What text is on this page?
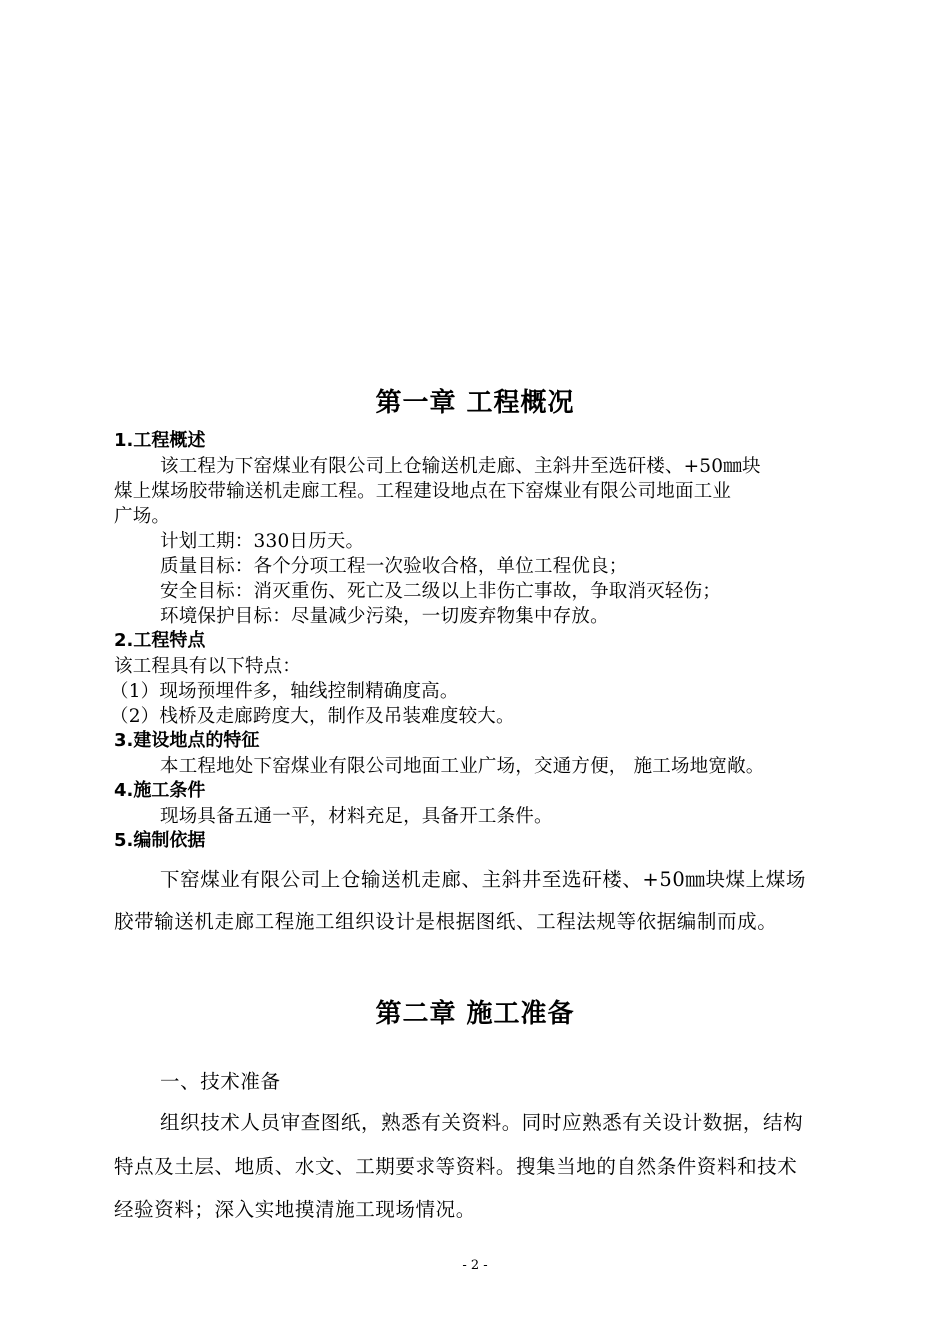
第一章 工程概况
1.工程概述
该工程为下窑煤业有限公司上仓输送机走廊、主斜井至选矸楼、+50㎜块
煤上煤场胶带输送机走廊工程。工程建设地点在下窑煤业有限公司地面工业
广场。
计划工期：330日历天。
质量目标：各个分项工程一次验收合格，单位工程优良；
安全目标：消灭重伤、死亡及二级以上非伤亡事故，争取消灭轻伤；
环境保护目标：尽量减少污染，一切废弃物集中存放。
2.工程特点
该工程具有以下特点：
（1）现场预埋件多，轴线控制精确度高。
（2）栈桥及走廊跨度大，制作及吊装难度较大。
3.建设地点的特征
本工程地处下窑煤业有限公司地面工业广场，交通方便， 施工场地宽敞。
4.施工条件
现场具备五通一平，材料充足，具备开工条件。
5.编制依据
下窑煤业有限公司上仓输送机走廊、主斜井至选矸楼、+50㎜块煤上煤场
胶带输送机走廊工程施工组织设计是根据图纸、工程法规等依据编制而成。
第二章 施工准备
一、技术准备
组织技术人员审查图纸，熟悉有关资料。同时应熟悉有关设计数据，结构
特点及土层、地质、水文、工期要求等资料。搜集当地的自然条件资料和技术
经验资料；深入实地摸清施工现场情况。
- 2 -
